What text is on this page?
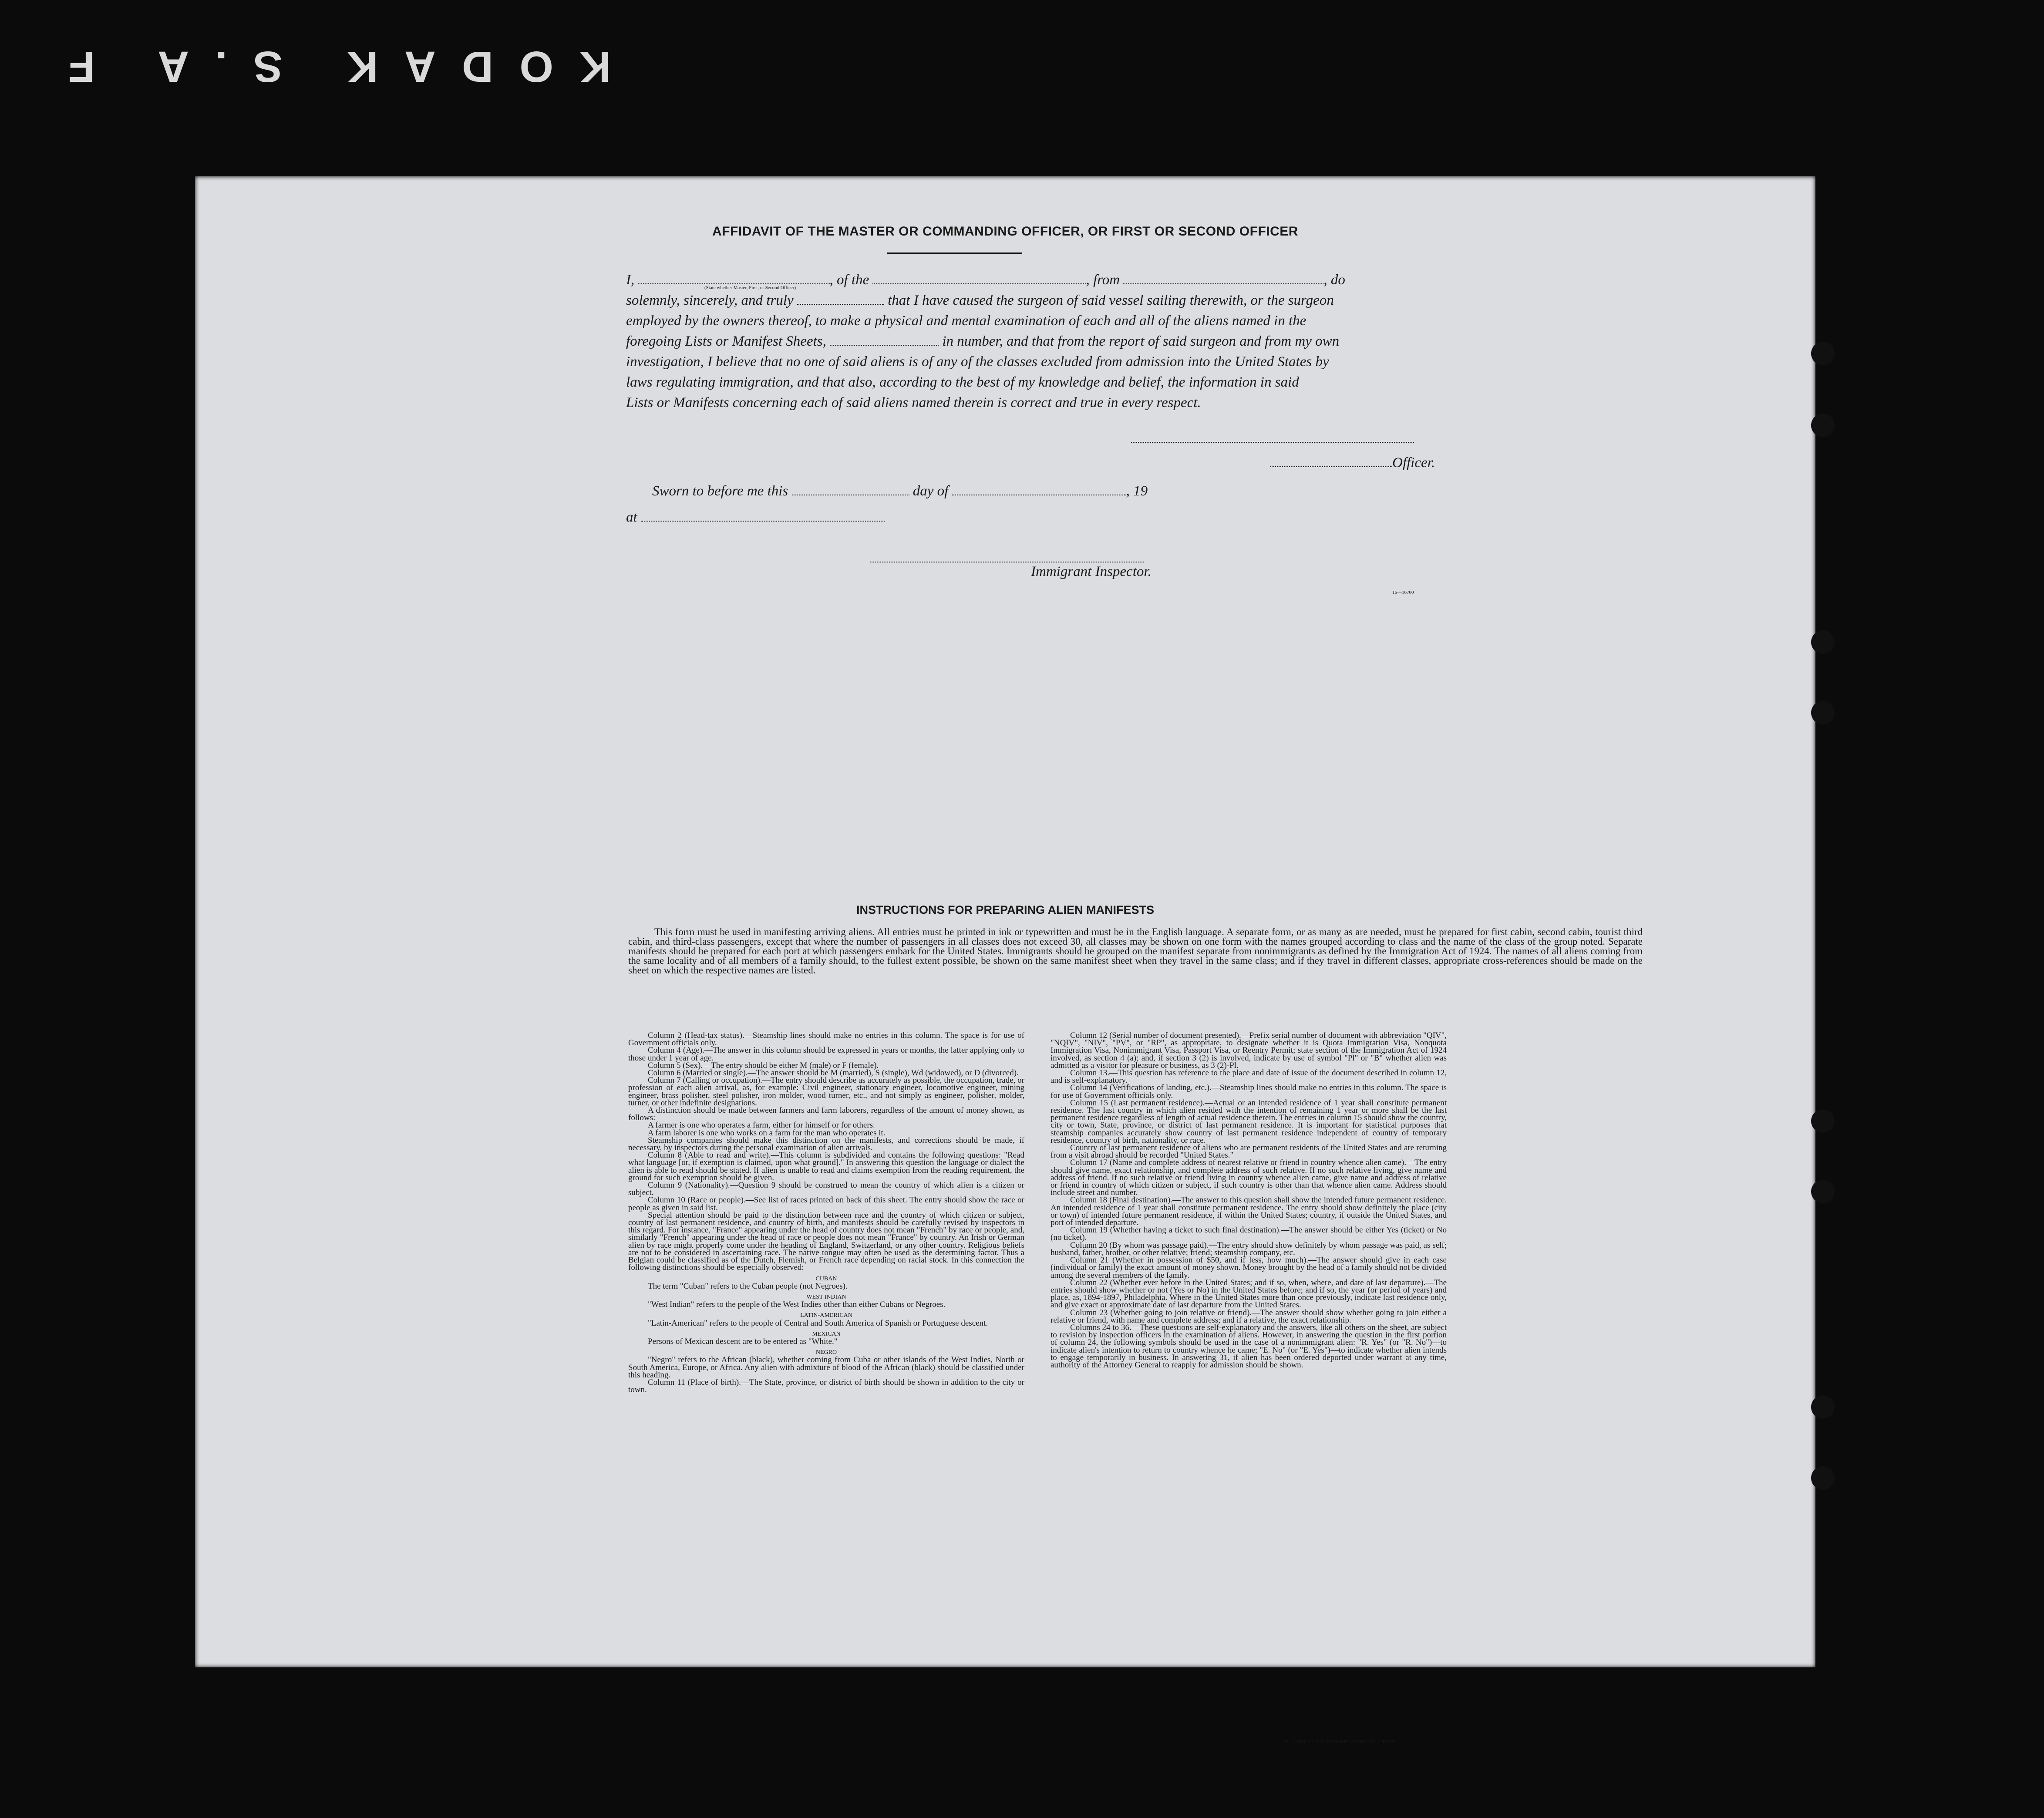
KODAK S.A F
AFFIDAVIT OF THE MASTER OR COMMANDING OFFICER, OR FIRST OR SECOND OFFICER

I,	, of the	, from	, do

solemnly, sincerely, and truly	that I have caused the surgeon of said vessel sailing therewith, or the surgeon

employed by the owners thereof, to make a physical and mental examination of each and all of the aliens named in the

foregoing Lists or Manifest Sheets,	in number, and that from the report of said surgeon and from my own

investigation, I believe that no one of said aliens is of any of the classes excluded from admission into the United States by

laws regulating immigration, and that also, according to the best of my knowledge and belief, the information in said

Lists or Manifests concerning each of said aliens named therein is correct and true in every respect.

(State whether Master, First, or Second Officer)
Officer.
Sworn to before me this	day of	, 19
at
Immigrant Inspector.
16—16700
INSTRUCTIONS FOR PREPARING ALIEN MANIFESTS

This form must be used in manifesting arriving aliens. All entries must be printed in ink or typewritten and must be in the English language. A separate form, or as many as are needed, must be prepared for first cabin, second cabin, tourist third cabin, and third-class passengers, except that where the number of passengers in all classes does not exceed 30, all classes may be shown on one form with the names grouped according to class and the name of the class of the group noted. Separate manifests should be prepared for each port at which passengers embark for the United States. Immigrants should be grouped on the manifest separate from nonimmigrants as defined by the Immigration Act of 1924. The names of all aliens coming from the same locality and of all members of a family should, to the fullest extent possible, be shown on the same manifest sheet when they travel in the same class; and if they travel in different classes, appropriate cross-references should be made on the sheet on which the respective names are listed.

Column 2 (Head-tax status).—Steamship lines should make no entries in this column. The space is for use of Government officials only.

Column 4 (Age).—The answer in this column should be expressed in years or months, the latter applying only to those under 1 year of age.

Column 5 (Sex).—The entry should be either M (male) or F (female).

Column 6 (Married or single).—The answer should be M (married), S (single), Wd (widowed), or D (divorced).

Column 7 (Calling or occupation).—The entry should describe as accurately as possible, the occupation, trade, or profession of each alien arrival, as, for example: Civil engineer, stationary engineer, locomotive engineer, mining engineer, brass polisher, steel polisher, iron molder, wood turner, etc., and not simply as engineer, polisher, molder, turner, or other indefinite designations.

A distinction should be made between farmers and farm laborers, regardless of the amount of money shown, as follows:

A farmer is one who operates a farm, either for himself or for others.

A farm laborer is one who works on a farm for the man who operates it.

Steamship companies should make this distinction on the manifests, and corrections should be made, if necessary, by inspectors during the personal examination of alien arrivals.

Column 8 (Able to read and write).—This column is subdivided and contains the following questions: "Read what language [or, if exemption is claimed, upon what ground]." In answering this question the language or dialect the alien is able to read should be stated. If alien is unable to read and claims exemption from the reading requirement, the ground for such exemption should be given.

Column 9 (Nationality).—Question 9 should be construed to mean the country of which alien is a citizen or subject.

Column 10 (Race or people).—See list of races printed on back of this sheet. The entry should show the race or people as given in said list.

Special attention should be paid to the distinction between race and the country of which citizen or subject, country of last permanent residence, and country of birth, and manifests should be carefully revised by inspectors in this regard. For instance, "France" appearing under the head of country does not mean "French" by race or people, and, similarly "French" appearing under the head of race or people does not mean "France" by country. An Irish or German alien by race might properly come under the heading of England, Switzerland, or any other country. Religious beliefs are not to be considered in ascertaining race. The native tongue may often be used as the determining factor. Thus a Belgian could be classified as of the Dutch, Flemish, or French race depending on racial stock. In this connection the following distinctions should be especially observed:

CUBAN

The term "Cuban" refers to the Cuban people (not Negroes).

WEST INDIAN

"West Indian" refers to the people of the West Indies other than either Cubans or Negroes.

LATIN-AMERICAN

"Latin-American" refers to the people of Central and South America of Spanish or Portuguese descent.

MEXICAN

Persons of Mexican descent are to be entered as "White."

NEGRO

"Negro" refers to the African (black), whether coming from Cuba or other islands of the West Indies, North or South America, Europe, or Africa. Any alien with admixture of blood of the African (black) should be classified under this heading.

Column 11 (Place of birth).—The State, province, or district of birth should be shown in addition to the city or town.

Column 12 (Serial number of document presented).—Prefix serial number of document with abbreviation "QIV", "NQIV", "NIV", "PV", or "RP", as appropriate, to designate whether it is Quota Immigration Visa, Nonquota Immigration Visa, Nonimmigrant Visa, Passport Visa, or Reentry Permit; state section of the Immigration Act of 1924 involved, as section 4 (a); and, if section 3 (2) is involved, indicate by use of symbol "Pl" or "B" whether alien was admitted as a visitor for pleasure or business, as 3 (2)-Pl.

Column 13.—This question has reference to the place and date of issue of the document described in column 12, and is self-explanatory.

Column 14 (Verifications of landing, etc.).—Steamship lines should make no entries in this column. The space is for use of Government officials only.

Column 15 (Last permanent residence).—Actual or an intended residence of 1 year shall constitute permanent residence. The last country in which alien resided with the intention of remaining 1 year or more shall be the last permanent residence regardless of length of actual residence therein. The entries in column 15 should show the country, city or town, State, province, or district of last permanent residence. It is important for statistical purposes that steamship companies accurately show country of last permanent residence independent of country of temporary residence, country of birth, nationality, or race.

Country of last permanent residence of aliens who are permanent residents of the United States and are returning from a visit abroad should be recorded "United States."

Column 17 (Name and complete address of nearest relative or friend in country whence alien came).—The entry should give name, exact relationship, and complete address of such relative. If no such relative living, give name and address of friend. If no such relative or friend living in country whence alien came, give name and address of relative or friend in country of which citizen or subject, if such country is other than that whence alien came. Address should include street and number.

Column 18 (Final destination).—The answer to this question shall show the intended future permanent residence. An intended residence of 1 year shall constitute permanent residence. The entry should show definitely the place (city or town) of intended future permanent residence, if within the United States; country, if outside the United States, and port of intended departure.

Column 19 (Whether having a ticket to such final destination).—The answer should be either Yes (ticket) or No (no ticket).

Column 20 (By whom was passage paid).—The entry should show definitely by whom passage was paid, as self; husband, father, brother, or other relative; friend; steamship company, etc.

Column 21 (Whether in possession of $50, and if less, how much).—The answer should give in each case (individual or family) the exact amount of money shown. Money brought by the head of a family should not be divided among the several members of the family.

Column 22 (Whether ever before in the United States; and if so, when, where, and date of last departure).—The entries should show whether or not (Yes or No) in the United States before; and if so, the year (or period of years) and place, as, 1894-1897, Philadelphia. Where in the United States more than once previously, indicate last residence only, and give exact or approximate date of last departure from the United States.

Column 23 (Whether going to join relative or friend).—The answer should show whether going to join either a relative or friend, with name and complete address; and if a relative, the exact relationship.

Columns 24 to 36.—These questions are self-explanatory and the answers, like all others on the sheet, are subject to revision by inspection officers in the examination of aliens. However, in answering the question in the first portion of column 24, the following symbols should be used in the case of a nonimmigrant alien: "R. Yes" (or "R. No")—to indicate alien's intention to return to country whence he came; "E. No" (or "E. Yes")—to indicate whether alien intends to engage temporarily in business. In answering 31, if alien has been ordered deported under warrant at any time, authority of the Attorney General to reapply for admission should be shown.

16—16700-2 U. S. GOVERNMENT PRINTING OFFICE
